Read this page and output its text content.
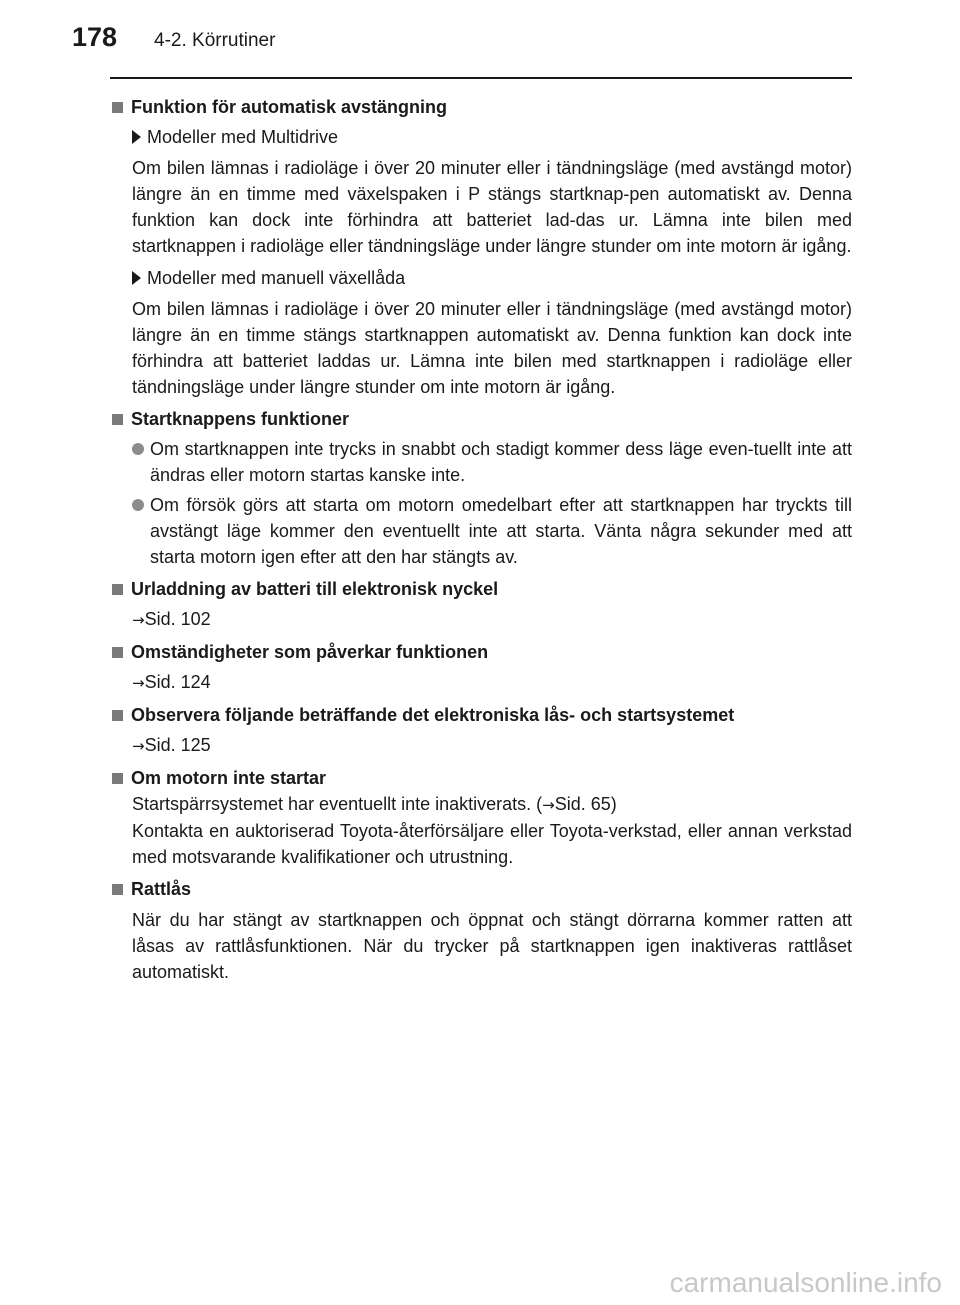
178 4-2. Körrutiner
Funktion för automatisk avstängning
Modeller med Multidrive
Om bilen lämnas i radioläge i över 20 minuter eller i tändningsläge (med avstängd motor) längre än en timme med växelspaken i P stängs startknap-pen automatiskt av. Denna funktion kan dock inte förhindra att batteriet lad-das ur. Lämna inte bilen med startknappen i radioläge eller tändningsläge under längre stunder om inte motorn är igång.
Modeller med manuell växellåda
Om bilen lämnas i radioläge i över 20 minuter eller i tändningsläge (med avstängd motor) längre än en timme stängs startknappen automatiskt av. Denna funktion kan dock inte förhindra att batteriet laddas ur. Lämna inte bilen med startknappen i radioläge eller tändningsläge under längre stunder om inte motorn är igång.
Startknappens funktioner
Om startknappen inte trycks in snabbt och stadigt kommer dess läge even-tuellt inte att ändras eller motorn startas kanske inte.
Om försök görs att starta om motorn omedelbart efter att startknappen har tryckts till avstängt läge kommer den eventuellt inte att starta. Vänta några sekunder med att starta motorn igen efter att den har stängts av.
Urladdning av batteri till elektronisk nyckel
→Sid. 102
Omständigheter som påverkar funktionen
→Sid. 124
Observera följande beträffande det elektroniska lås- och startsystemet
→Sid. 125
Om motorn inte startar
Startspärrsystemet har eventuellt inte inaktiverats. (→Sid. 65)
Kontakta en auktoriserad Toyota-återförsäljare eller Toyota-verkstad, eller annan verkstad med motsvarande kvalifikationer och utrustning.
Rattlås
När du har stängt av startknappen och öppnat och stängt dörrarna kommer ratten att låsas av rattlåsfunktionen. När du trycker på startknappen igen inaktiveras rattlåset automatiskt.
carmanualsonline.info
